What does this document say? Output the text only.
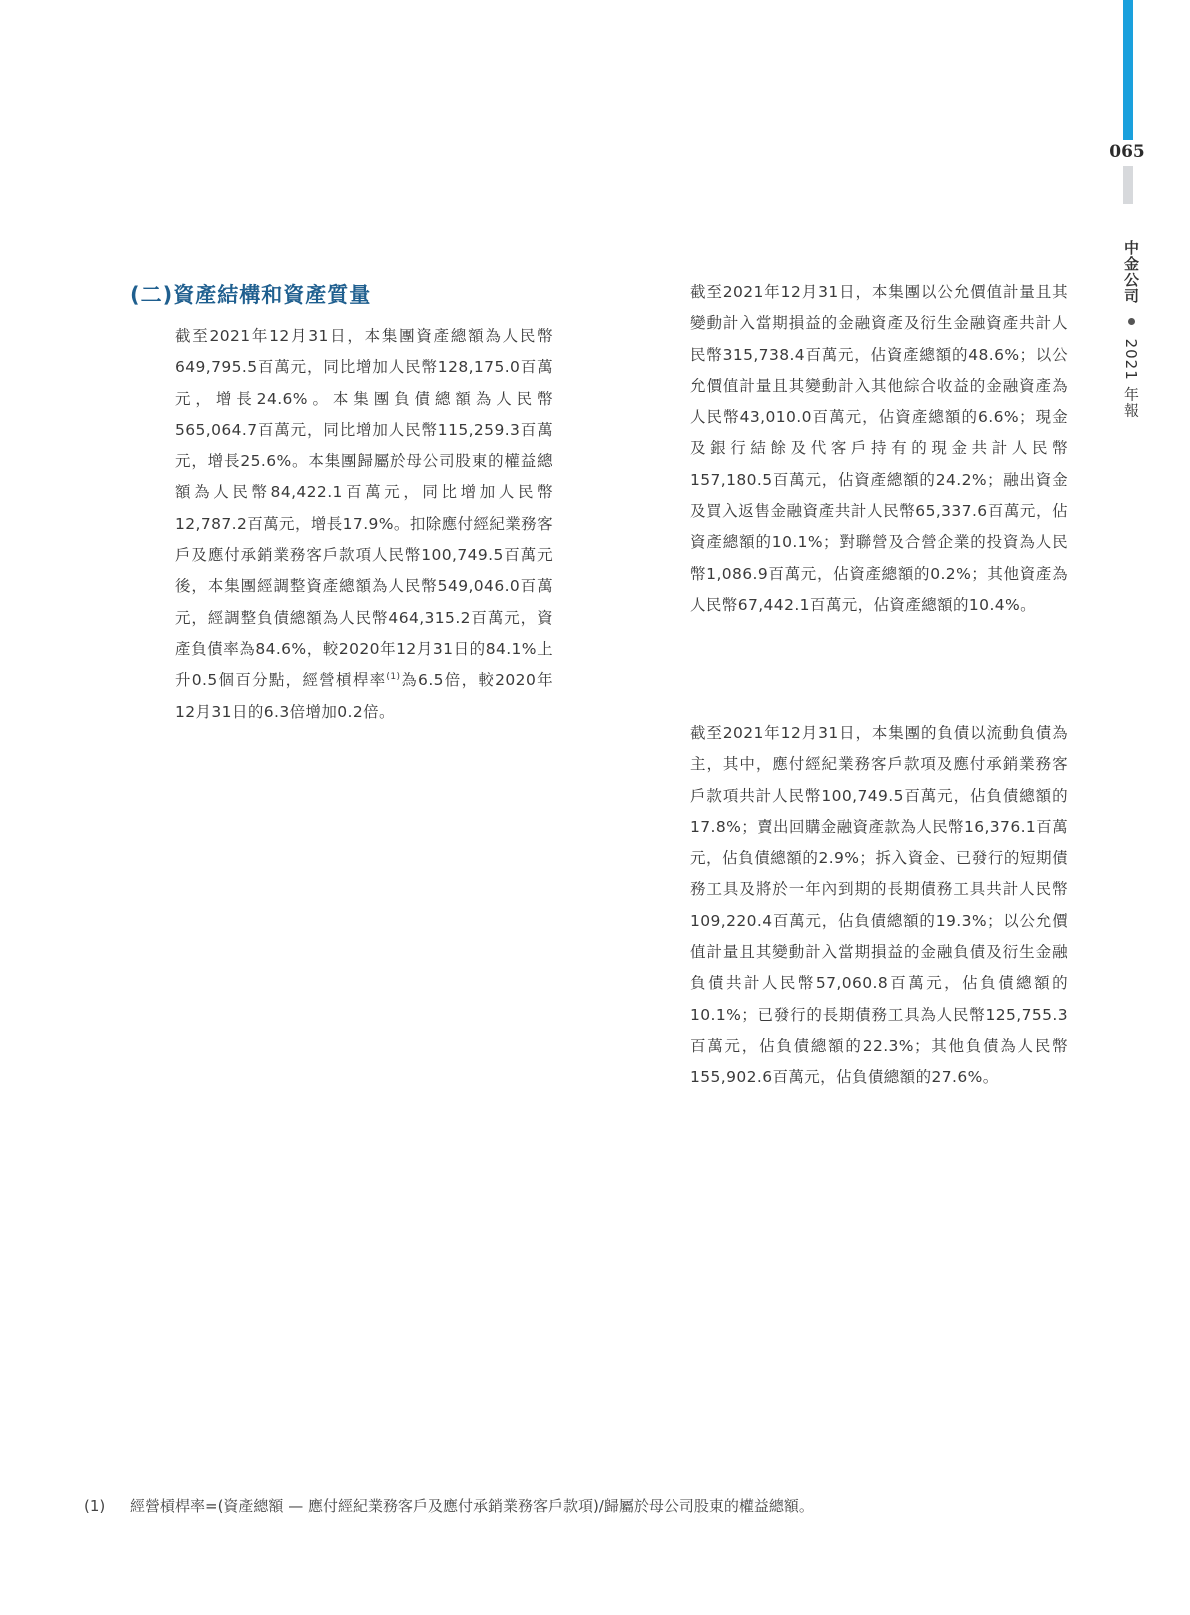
065
中金公司  2021 年報
(二)資產結構和資產質量
截至2021年12月31日，本集團資產總額為人民幣649,795.5百萬元，同比增加人民幣128,175.0百萬元，增長24.6%。本集團負債總額為人民幣565,064.7百萬元，同比增加人民幣115,259.3百萬元，增長25.6%。本集團歸屬於母公司股東的權益總額為人民幣84,422.1百萬元，同比增加人民幣12,787.2百萬元，增長17.9%。扣除應付經紀業務客戶及應付承銷業務客戶款項人民幣100,749.5百萬元後，本集團經調整資產總額為人民幣549,046.0百萬元，經調整負債總額為人民幣464,315.2百萬元，資產負債率為84.6%，較2020年12月31日的84.1%上升0.5個百分點，經營槓桿率$^{(1)}$為6.5倍，較2020年12月31日的6.3倍增加0.2倍。
截至2021年12月31日，本集團以公允價值計量且其變動計入當期損益的金融資產及衍生金融資產共計人民幣315,738.4百萬元，佔資產總額的48.6%；以公允價值計量且其變動計入其他綜合收益的金融資產為人民幣43,010.0百萬元，佔資產總額的6.6%；現金及銀行結餘及代客戶持有的現金共計人民幣157,180.5百萬元，佔資產總額的24.2%；融出資金及買入返售金融資產共計人民幣65,337.6百萬元，佔資產總額的10.1%；對聯營及合營企業的投資為人民幣1,086.9百萬元，佔資產總額的0.2%；其他資產為人民幣67,442.1百萬元，佔資產總額的10.4%。
截至2021年12月31日，本集團的負債以流動負債為主，其中，應付經紀業務客戶款項及應付承銷業務客戶款項共計人民幣100,749.5百萬元，佔負債總額的17.8%；賣出回購金融資產款為人民幣16,376.1百萬元，佔負債總額的2.9%；拆入資金、已發行的短期債務工具及將於一年內到期的長期債務工具共計人民幣109,220.4百萬元，佔負債總額的19.3%；以公允價值計量且其變動計入當期損益的金融負債及衍生金融負債共計人民幣57,060.8百萬元，佔負債總額的10.1%；已發行的長期債務工具為人民幣125,755.3百萬元，佔負債總額的22.3%；其他負債為人民幣155,902.6百萬元，佔負債總額的27.6%。
(1) 經營槓桿率=(資產總額 — 應付經紀業務客戶及應付承銷業務客戶款項)/歸屬於母公司股東的權益總額。
